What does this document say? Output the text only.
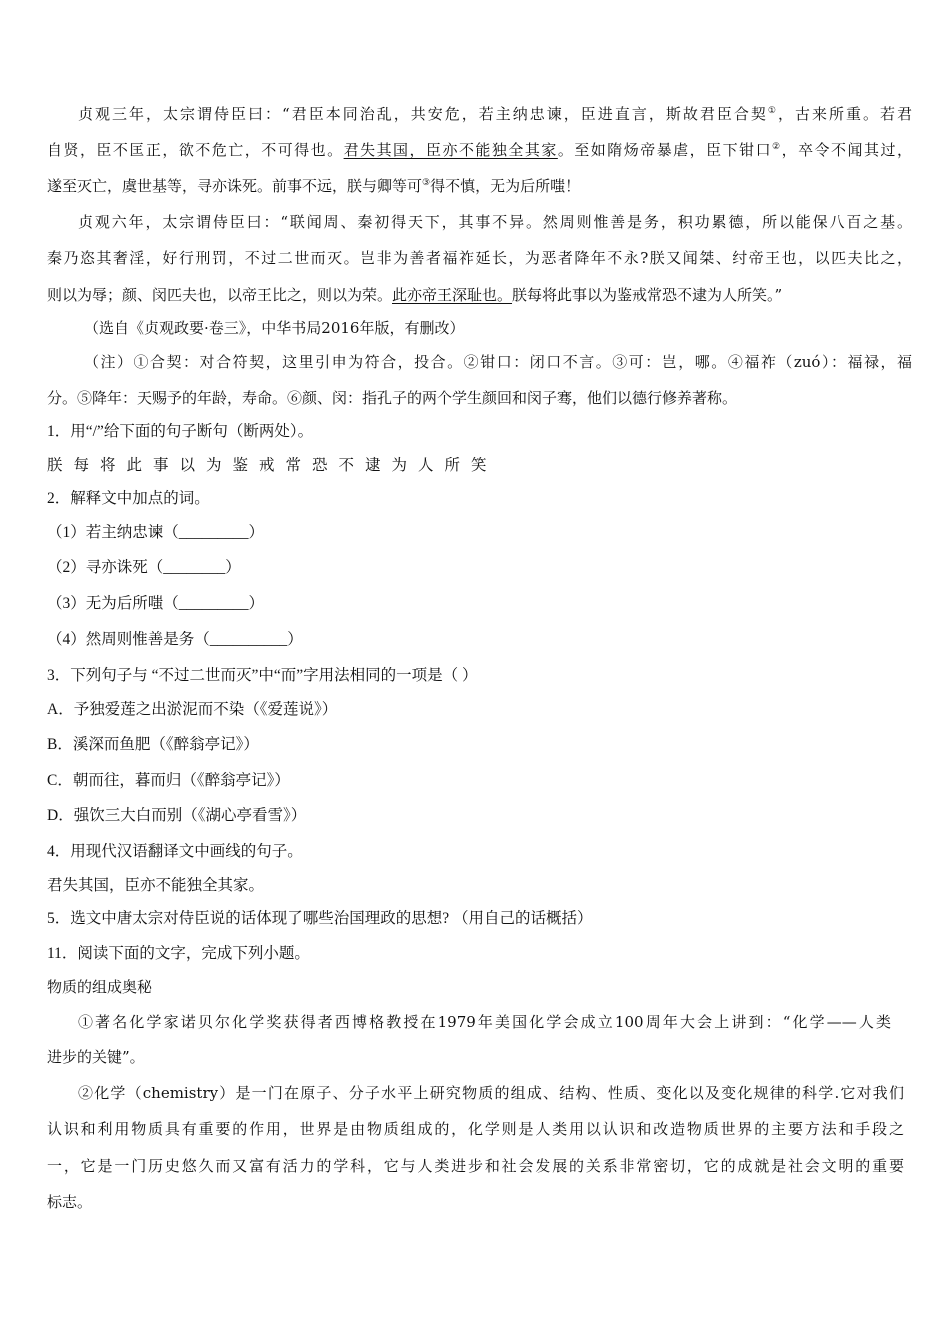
贞观三年，太宗谓侍臣曰：“君臣本同治乱，共安危，若主纳忠谏，臣进直言，斯故君臣合契①，古来所重。若君
自贤，臣不匡正，欲不危亡，不可得也。君失其国，臣亦不能独全其家。至如隋炀帝暴虐，臣下钳口②，卒令不闻其过，
遂至灭亡，虞世基等，寻亦诛死。前事不远，朕与卿等可③得不慎，无为后所嗤！
贞观六年，太宗谓侍臣曰：“联闻周、秦初得天下，其事不异。然周则惟善是务，积功累德，所以能保八百之基。
秦乃恣其奢淫，好行刑罚，不过二世而灭。岂非为善者福祚延长，为恶者降年不永?朕又闻桀、纣帝王也，以匹夫比之，
则以为辱；颜、闵匹夫也，以帝王比之，则以为荣。此亦帝王深耻也。朕每将此事以为鉴戒常恐不逮为人所笑。”
（选自《贞观政要·卷三》，中华书局2016年版，有删改）
（注）①合契：对合符契，这里引申为符合，投合。②钳口：闭口不言。③可：岂，哪。④福祚（zuó）：福禄，福
分。⑤降年：天赐予的年龄，寿命。⑥颜、闵：指孔子的两个学生颜回和闵子骞，他们以德行修养著称。
1．用“/”给下面的句子断句（断两处）。
朕每将此事以为鉴戒常恐不逮为人所笑
2．解释文中加点的词。
（1）若主纳忠谏（_________）
（2）寻亦诛死（________）
（3）无为后所嗤（_________）
（4）然周则惟善是务（__________）
3．下列句子与 “不过二世而灭”中“而”字用法相同的一项是（ ）
A．予独爱莲之出淤泥而不染（《爱莲说》）
B．溪深而鱼肥（《醉翁亭记》）
C．朝而往，暮而归（《醉翁亭记》）
D．强饮三大白而别（《湖心亭看雪》）
4．用现代汉语翻译文中画线的句子。
君失其国，臣亦不能独全其家。
5．选文中唐太宗对侍臣说的话体现了哪些治国理政的思想? （用自己的话概括）
11．阅读下面的文字，完成下列小题。
物质的组成奥秘
①著名化学家诺贝尔化学奖获得者西博格教授在1979年美国化学会成立100周年大会上讲到：“化学——人类
进步的关键”。
②化学（chemistry）是一门在原子、分子水平上研究物质的组成、结构、性质、变化以及变化规律的科学.它对我们
认识和利用物质具有重要的作用，世界是由物质组成的，化学则是人类用以认识和改造物质世界的主要方法和手段之
一，它是一门历史悠久而又富有活力的学科，它与人类进步和社会发展的关系非常密切，它的成就是社会文明的重要
标志。
